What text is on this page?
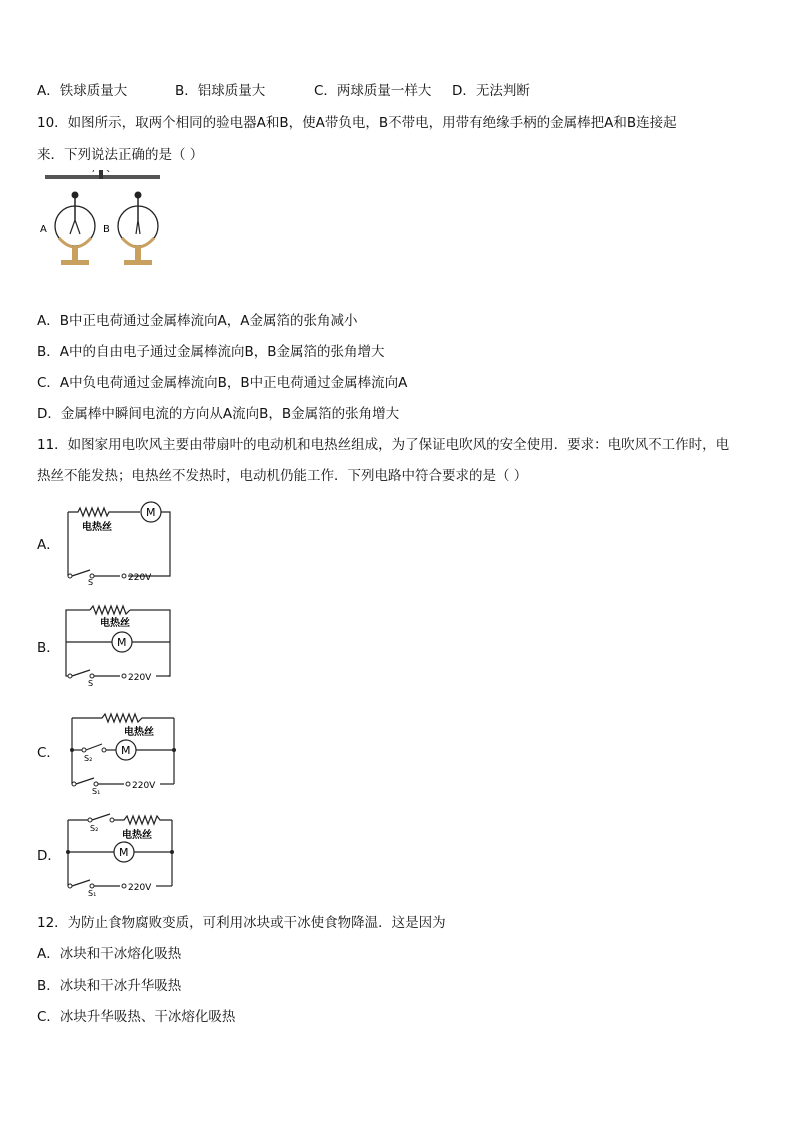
A．铁球质量大	B．铝球质量大	C．两球质量一样大 D．无法判断
10．如图所示，取两个相同的验电器A和B，使A带负电，B不带电，用带有绝缘手柄的金属棒把A和B连接起
来．下列说法正确的是（ ）
A	B
A．B中正电荷通过金属棒流向A，A金属箔的张角减小
B．A中的自由电子通过金属棒流向B，B金属箔的张角增大
C．A中负电荷通过金属棒流向B，B中正电荷通过金属棒流向A
D．金属棒中瞬间电流的方向从A流向B，B金属箔的张角增大
11．如图家用电吹风主要由带扇叶的电动机和电热丝组成，为了保证电吹风的安全使用．要求：电吹风不工作时，电
热丝不能发热；电热丝不发热时，电动机仍能工作．下列电路中符合要求的是（ ）
A．
M
电热丝
S	220V
B．
电热丝
M
S
220V
C．
电热丝
S₂
M
S₁
220V
D．
S₂
电热丝
M
S₁
220V
12．为防止食物腐败变质，可利用冰块或干冰使食物降温．这是因为
A．冰块和干冰熔化吸热
B．冰块和干冰升华吸热
C．冰块升华吸热、干冰熔化吸热
